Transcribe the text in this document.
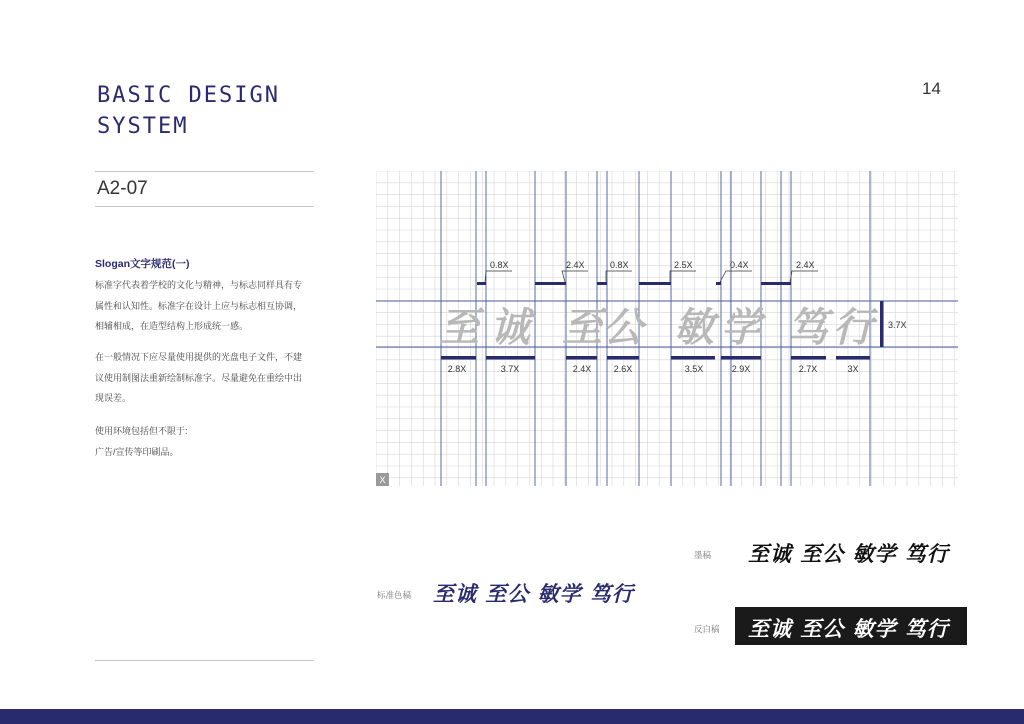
BASIC DESIGN
SYSTEM
14
A2-07
Slogan文字规范(一)
标准字代表着学校的文化与精神，与标志同样具有专
属性和认知性。标准字在设计上应与标志相互协调，
相辅相成，在造型结构上形成统一感。
在一般情况下应尽量使用提供的光盘电子文件，不建
议使用制图法重新绘制标准字。尽量避免在重绘中出
现误差。
使用环境包括但不限于:
广告/宣传等印刷品。
0.8X	2.4X	0.8X	2.5X	0.4X	2.4X
2.8X	3.7X	2.4X 2.6X	3.5X	2.9X	2.7X	3X
3.7X
至 诚 至 公 敏 学 笃 行
X
墨稿 至诚 至公 敏学 笃行
标准色稿 至诚 至公 敏学 笃行
反白稿 至诚 至公 敏学 笃行
